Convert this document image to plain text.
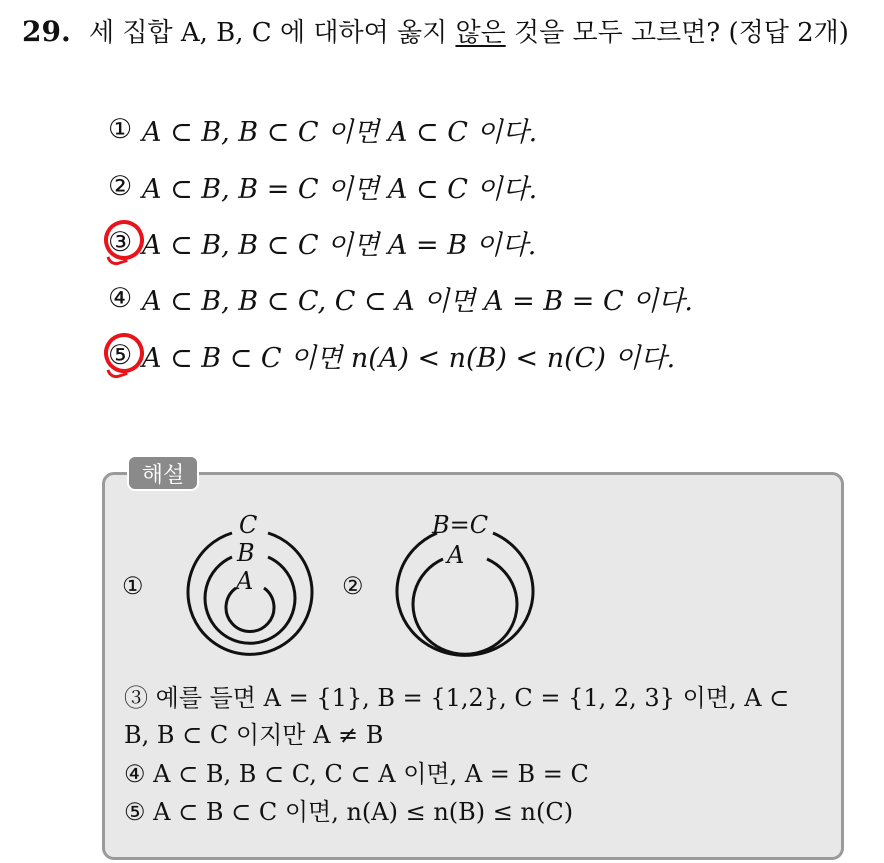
29. 세 집합 A, B, C 에 대하여 옳지 않은 것을 모두 고르면? (정답 2개)
① A ⊂ B, B ⊂ C 이면 A ⊂ C 이다.
② A ⊂ B, B = C 이면 A ⊂ C 이다.
③ A ⊂ B, B ⊂ C 이면 A = B 이다.
④ A ⊂ B, B ⊂ C, C ⊂ A 이면 A = B = C 이다.
⑤ A ⊂ B ⊂ C 이면 n(A) < n(B) < n(C) 이다.
해설
①
C
B
A	②
B=C
A
③ 예를 들면 A = {1}, B = {1,2}, C = {1, 2, 3} 이면, A ⊂
B, B ⊂ C 이지만 A ≠ B
④ A ⊂ B, B ⊂ C, C ⊂ A 이면, A = B = C
⑤ A ⊂ B ⊂ C 이면, n(A) ≤ n(B) ≤ n(C)
